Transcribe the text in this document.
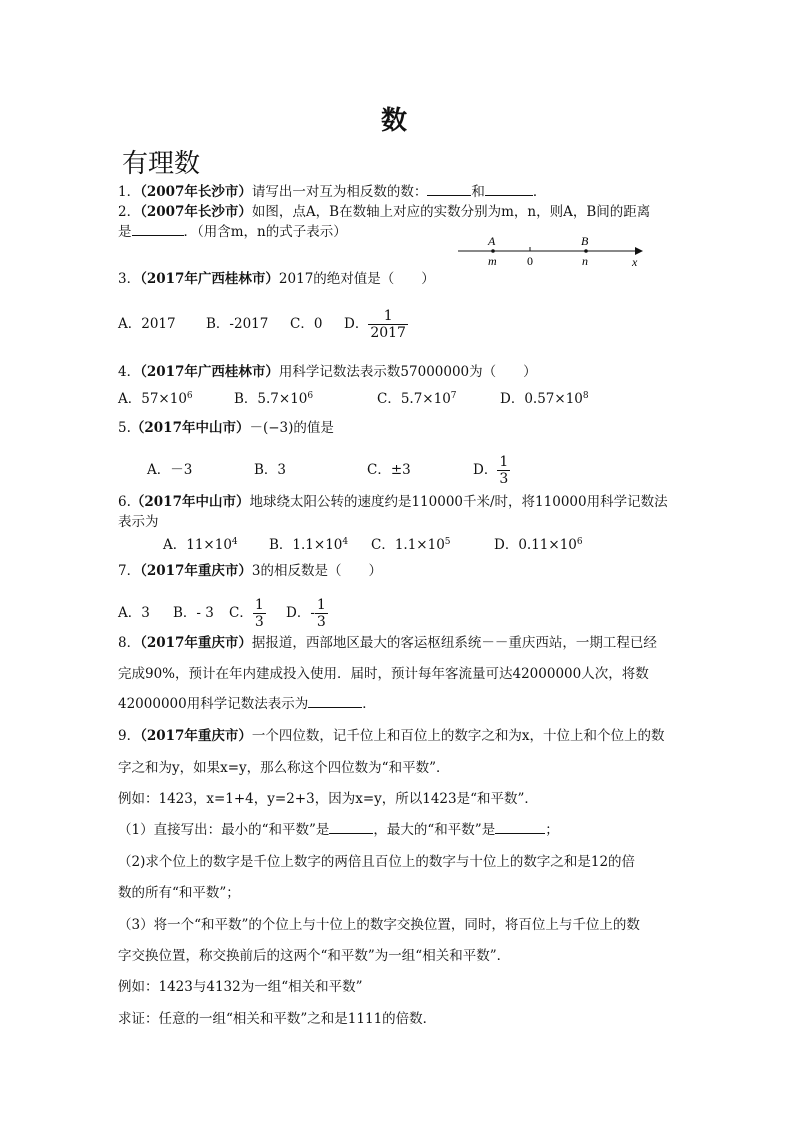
数
有理数
1．（2007年长沙市）请写出一对互为相反数的数：	和	．
2．（2007年长沙市）如图，点A，B在数轴上对应的实数分别为m，n，则A，B间的距离
是	．（用含m，n的式子表示）
A	B
m	0	n	x
3．（2017年广西桂林市）2017的绝对值是（　　）
A．2017 B．-2017 C．0 D． $\frac{1}{2017}$
4．（2017年广西桂林市）用科学记数法表示数57000000为（　　）
A．$57\times 10^6$	B．$5.7\times 10^6$	C．$5.7\times 10^7$	D．$0.57\times 10^8$
5.（2017年中山市）－(−3)的值是
A．－3	B．3	C．±3	D． $\frac{1}{3}$
6.（2017年中山市）地球绕太阳公转的速度约是110000千米/时，将110000用科学记数法
表示为
A．$11\times 10^4$ B．$1.1\times 10^4$ C．$1.1\times 10^5$	D．$0.11\times 10^6$
7．（2017年重庆市）3的相反数是（　　）
A．3 B．- 3 C． $\frac{1}{3}$ D．- $\frac{1}{3}$
8．（2017年重庆市）据报道，西部地区最大的客运枢纽系统－－重庆西站，一期工程已经
完成90%，预计在年内建成投入使用．届时，预计每年客流量可达42000000人次，将数
42000000用科学记数法表示为	．
9．（2017年重庆市）一个四位数，记千位上和百位上的数字之和为x，十位上和个位上的数
字之和为y，如果x=y，那么称这个四位数为“和平数”．
例如：1423，x=1+4，y=2+3，因为x=y，所以1423是“和平数”．
（1）直接写出：最小的“和平数”是	，最大的“和平数”是	；
（2)求个位上的数字是千位上数字的两倍且百位上的数字与十位上的数字之和是12的倍
数的所有“和平数”；
（3）将一个“和平数”的个位上与十位上的数字交换位置，同时，将百位上与千位上的数
字交换位置，称交换前后的这两个“和平数”为一组“相关和平数”．
例如：1423与4132为一组“相关和平数”
求证：任意的一组“相关和平数”之和是1111的倍数．
